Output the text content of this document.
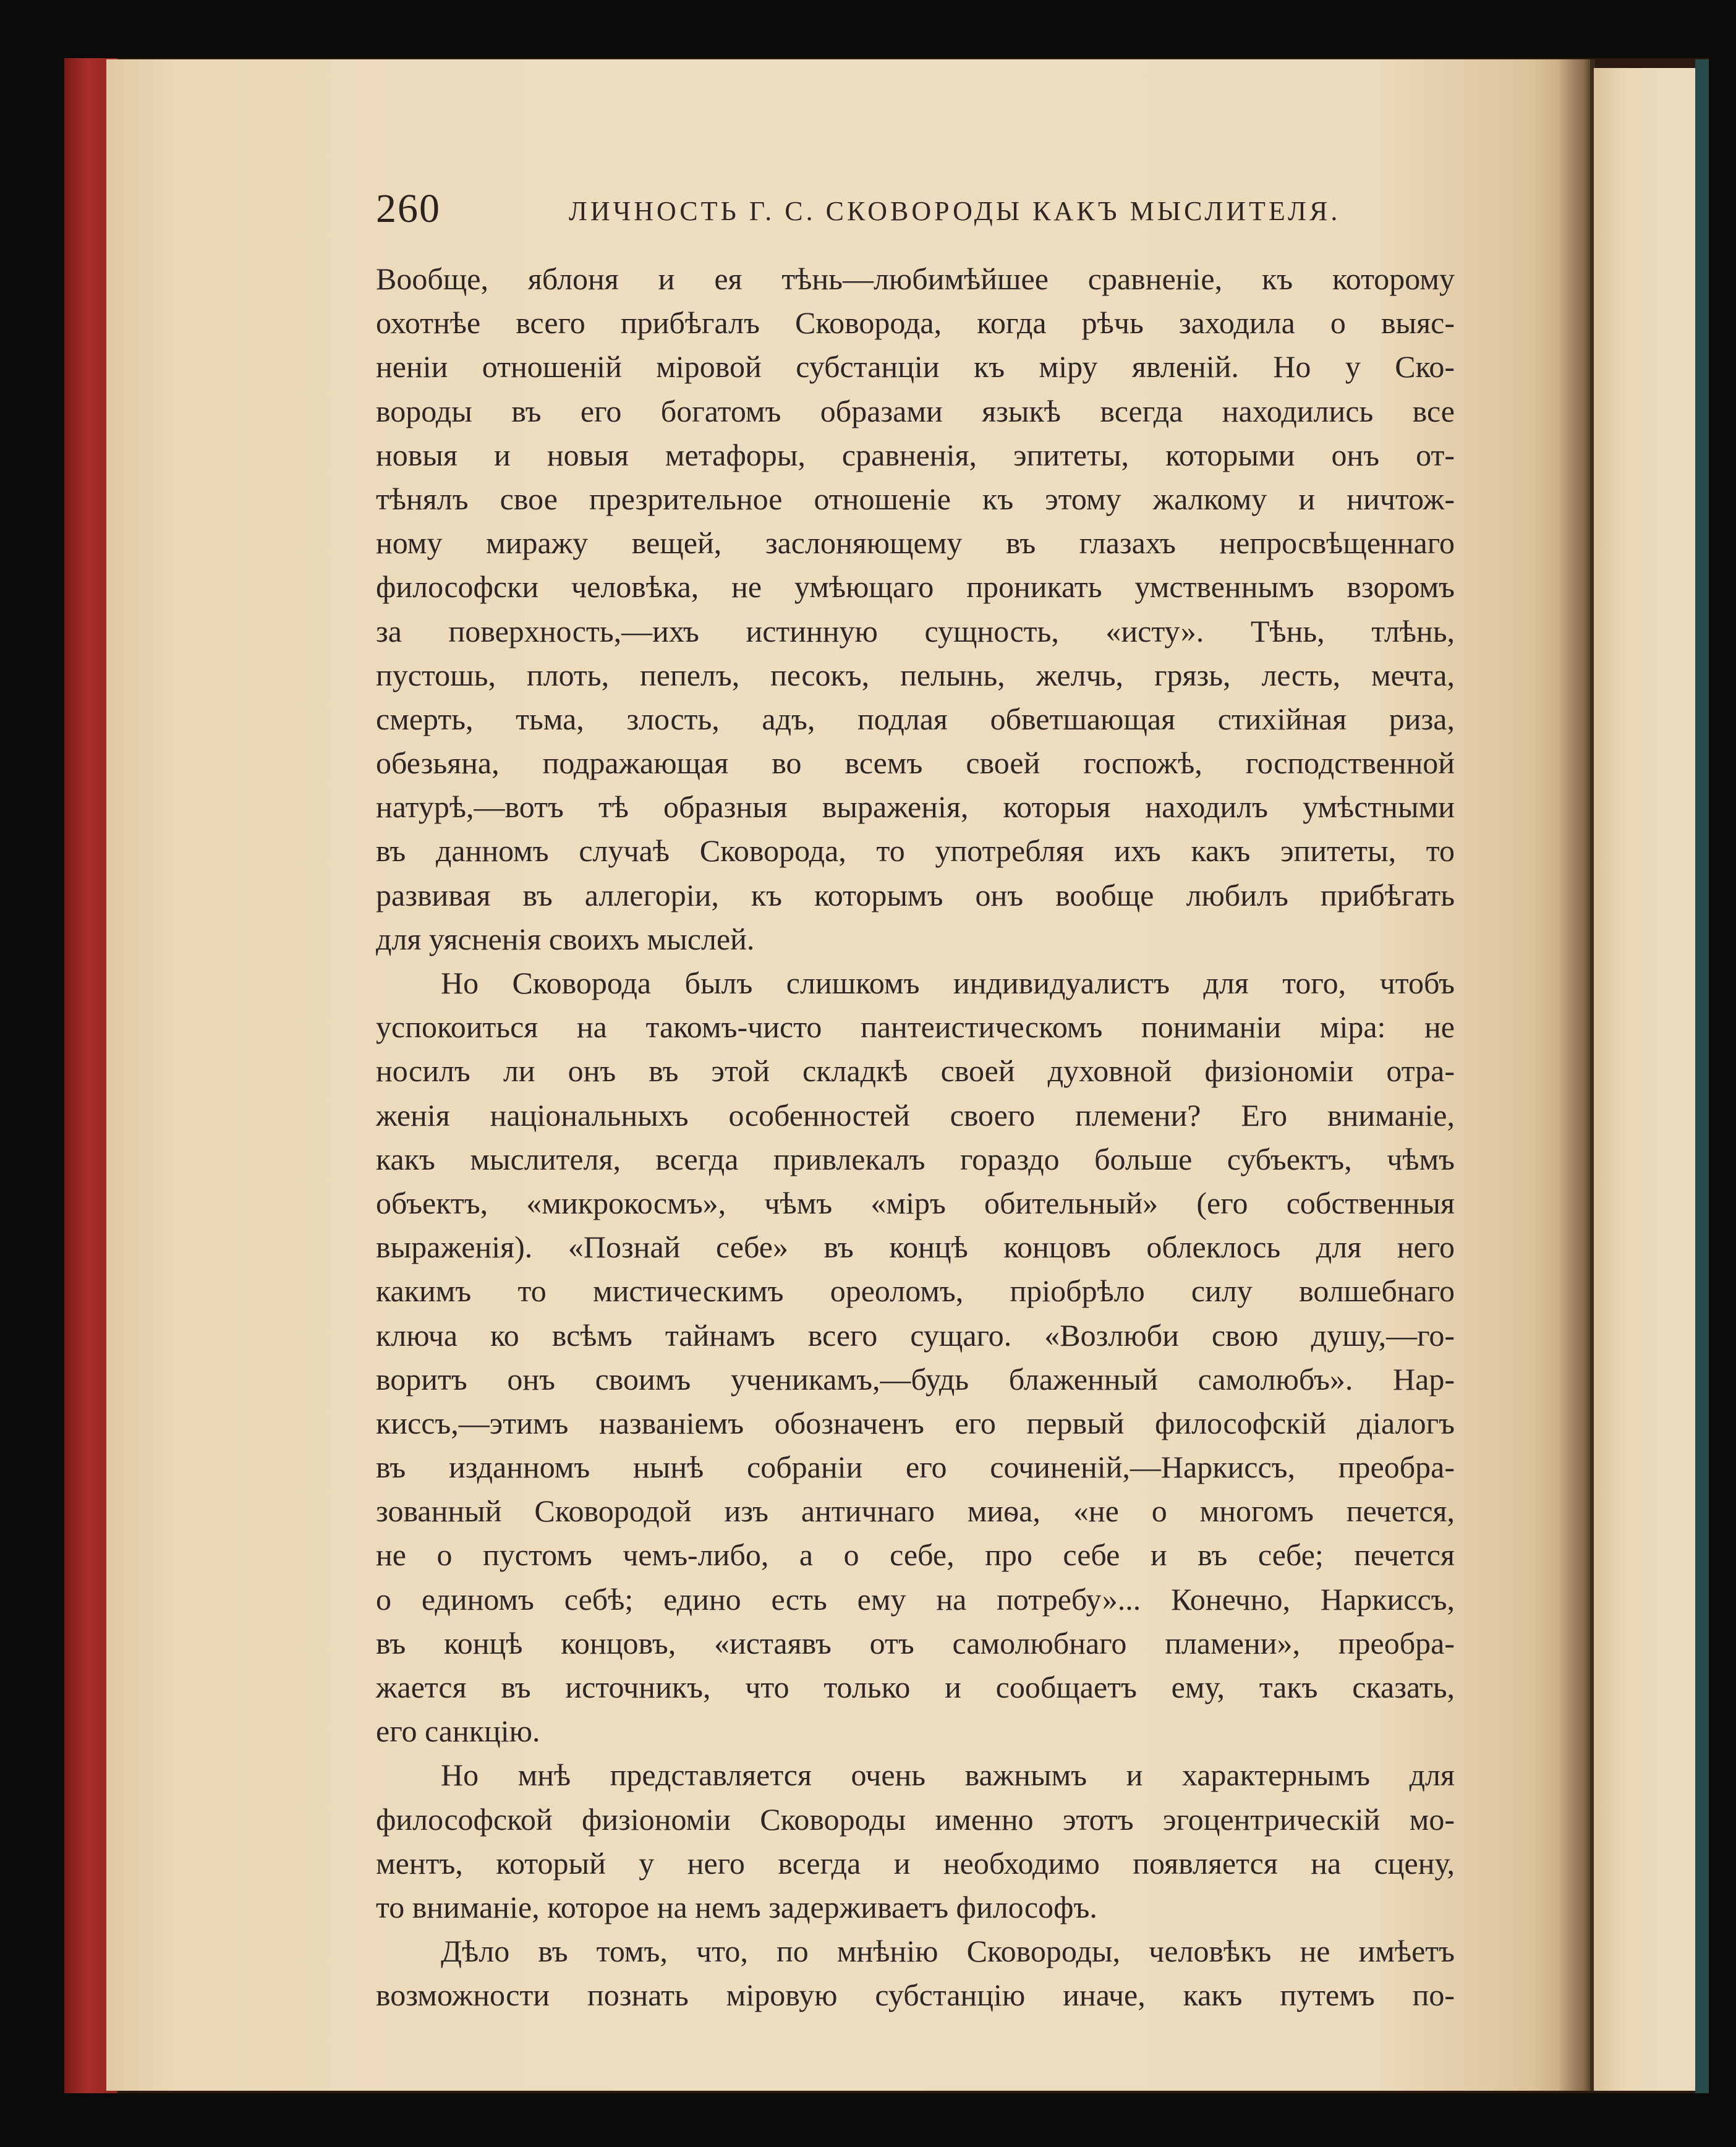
260	ЛИЧНОСТЬ Г. С. СКОВОРОДЫ КАКЪ МЫСЛИТЕЛЯ.
Вообще, яблоня и ея тѣнь—любимѣйшее сравненіе, къ которому
охотнѣе всего прибѣгалъ Сковорода, когда рѣчь заходила о выяс-
неніи отношеній міровой субстанціи къ міру явленій. Но у Ско-
вороды въ его богатомъ образами языкѣ всегда находились все
новыя и новыя метафоры, сравненія, эпитеты, которыми онъ от-
тѣнялъ свое презрительное отношеніе къ этому жалкому и ничтож-
ному миражу вещей, заслоняющему въ глазахъ непросвѣщеннаго
философски человѣка, не умѣющаго проникать умственнымъ взоромъ
за поверхность,—ихъ истинную сущность, «исту». Тѣнь, тлѣнь,
пустошь, плоть, пепелъ, песокъ, пелынь, желчь, грязь, лесть, мечта,
смерть, тьма, злость, адъ, подлая обветшающая стихійная риза,
обезьяна, подражающая во всемъ своей госпожѣ, господственной
натурѣ,—вотъ тѣ образныя выраженія, которыя находилъ умѣстными
въ данномъ случаѣ Сковорода, то употребляя ихъ какъ эпитеты, то
развивая въ аллегоріи, къ которымъ онъ вообще любилъ прибѣгать
для уясненія своихъ мыслей.
Но Сковорода былъ слишкомъ индивидуалистъ для того, чтобъ
успокоиться на такомъ-чисто пантеистическомъ пониманіи міра: не
носилъ ли онъ въ этой складкѣ своей духовной физіономіи отра-
женія національныхъ особенностей своего племени? Его вниманіе,
какъ мыслителя, всегда привлекалъ гораздо больше субъектъ, чѣмъ
объектъ, «микрокосмъ», чѣмъ «міръ обительный» (его собственныя
выраженія). «Познай себе» въ концѣ концовъ облеклось для него
какимъ то мистическимъ ореоломъ, пріобрѣло силу волшебнаго
ключа ко всѣмъ тайнамъ всего сущаго. «Возлюби свою душу,—го-
воритъ онъ своимъ ученикамъ,—будь блаженный самолюбъ». Нар-
киссъ,—этимъ названіемъ обозначенъ его первый философскій діалогъ
въ изданномъ нынѣ собраніи его сочиненій,—Наркиссъ, преобра-
зованный Сковородой изъ античнаго миѳа, «не о многомъ печется,
не о пустомъ чемъ-либо, а о себе, про себе и въ себе; печется
о единомъ себѣ; едино есть ему на потребу»... Конечно, Наркиссъ,
въ концѣ концовъ, «истаявъ отъ самолюбнаго пламени», преобра-
жается въ источникъ, что только и сообщаетъ ему, такъ сказать,
его санкцію.
Но мнѣ представляется очень важнымъ и характернымъ для
философской физіономіи Сковороды именно этотъ эгоцентрическій мо-
ментъ, который у него всегда и необходимо появляется на сцену,
то вниманіе, которое на немъ задерживаетъ философъ.
Дѣло въ томъ, что, по мнѣнію Сковороды, человѣкъ не имѣетъ
возможности познать міровую субстанцію иначе, какъ путемъ по-
